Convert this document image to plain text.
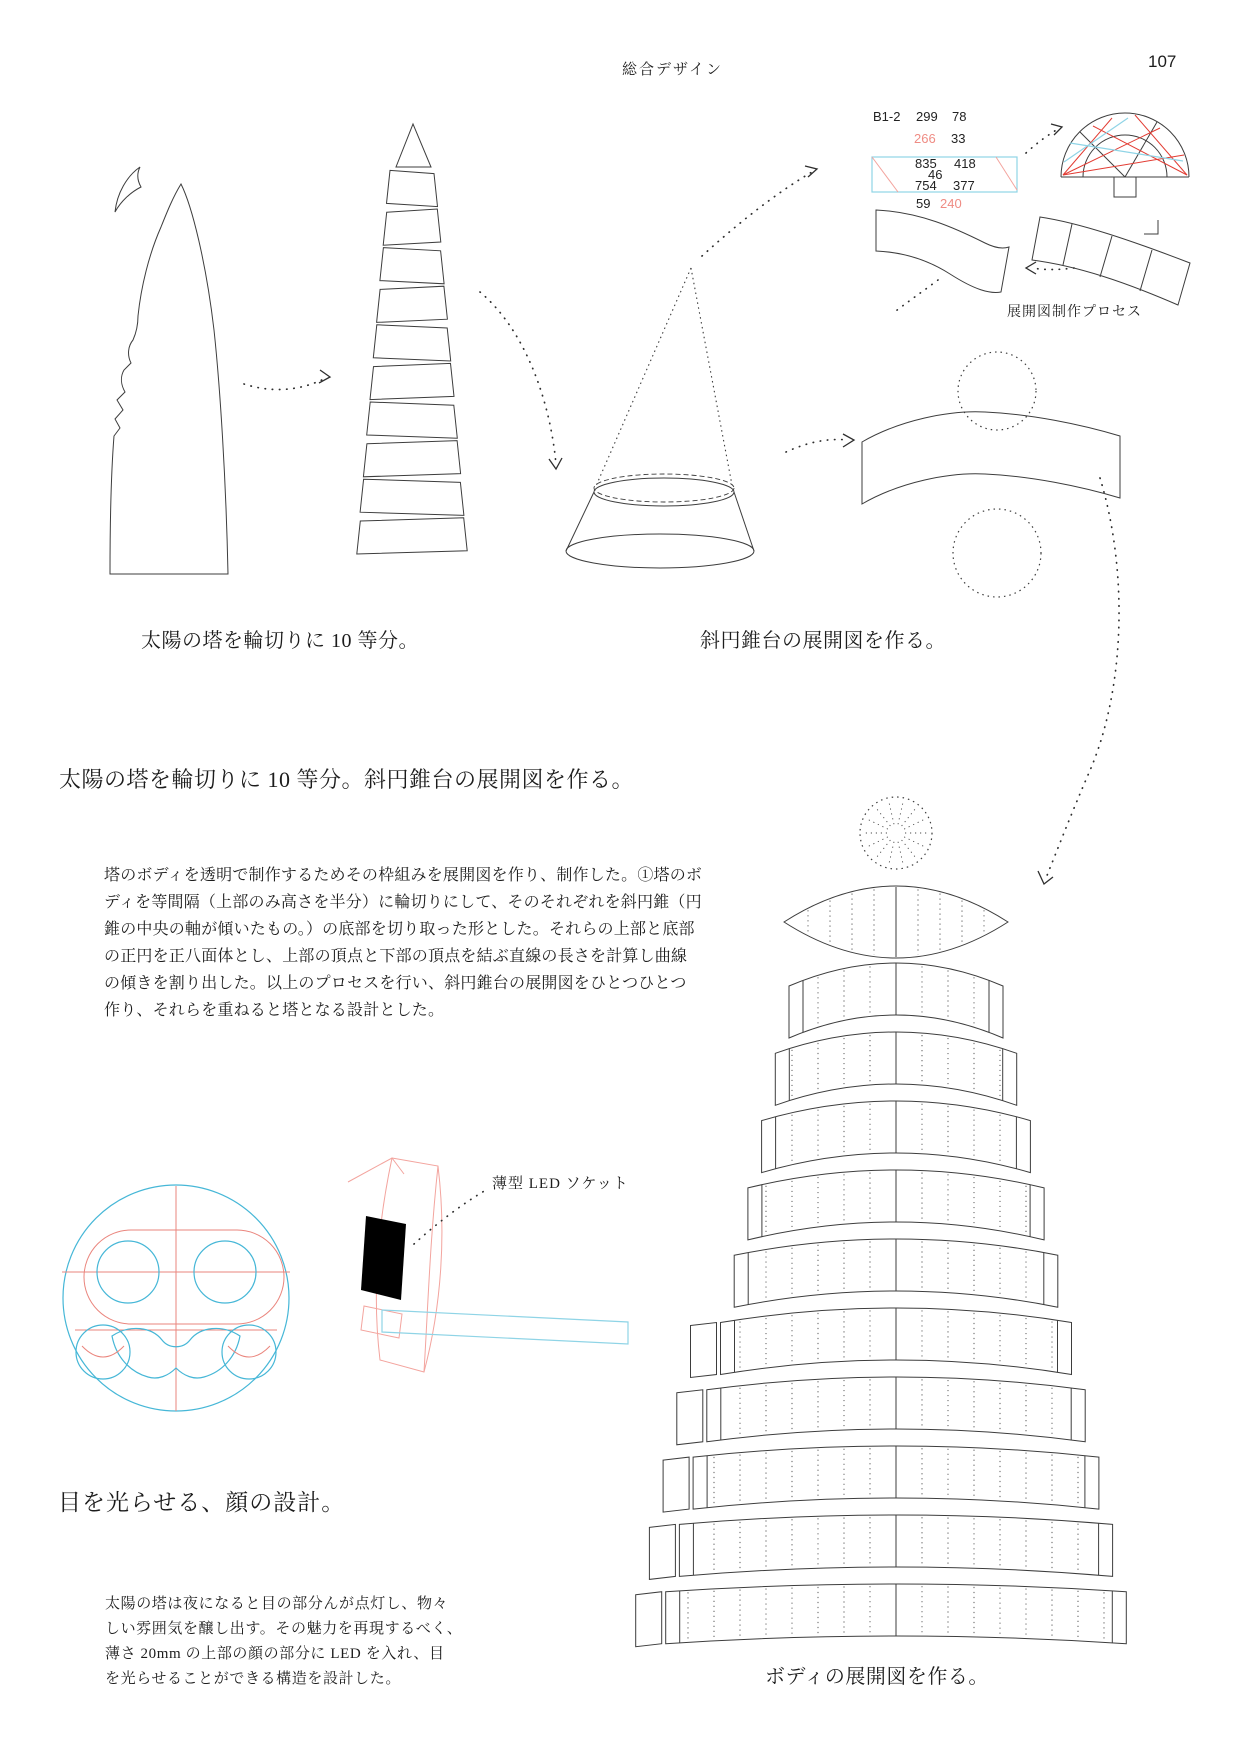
総合デザイン	107
B1-2 299 78
266 33
835 418
46
754 377
59 240
展開図制作プロセス
薄型 LED ソケット
太陽の塔を輪切りに 10 等分。	斜円錐台の展開図を作る。
ボディの展開図を作る。
太陽の塔を輪切りに 10 等分。斜円錐台の展開図を作る。
塔のボディを透明で制作するためその枠組みを展開図を作り、制作した。①塔のボ
ディを等間隔（上部のみ高さを半分）に輪切りにして、そのそれぞれを斜円錐（円
錐の中央の軸が傾いたもの。）の底部を切り取った形とした。それらの上部と底部
の正円を正八面体とし、上部の頂点と下部の頂点を結ぶ直線の長さを計算し曲線
の傾きを割り出した。以上のプロセスを行い、斜円錐台の展開図をひとつひとつ
作り、それらを重ねると塔となる設計とした。
目を光らせる、顔の設計。
太陽の塔は夜になると目の部分んが点灯し、物々
しい雰囲気を醸し出す。その魅力を再現するべく、
薄さ 20mm の上部の顔の部分に LED を入れ、目
を光らせることができる構造を設計した。
